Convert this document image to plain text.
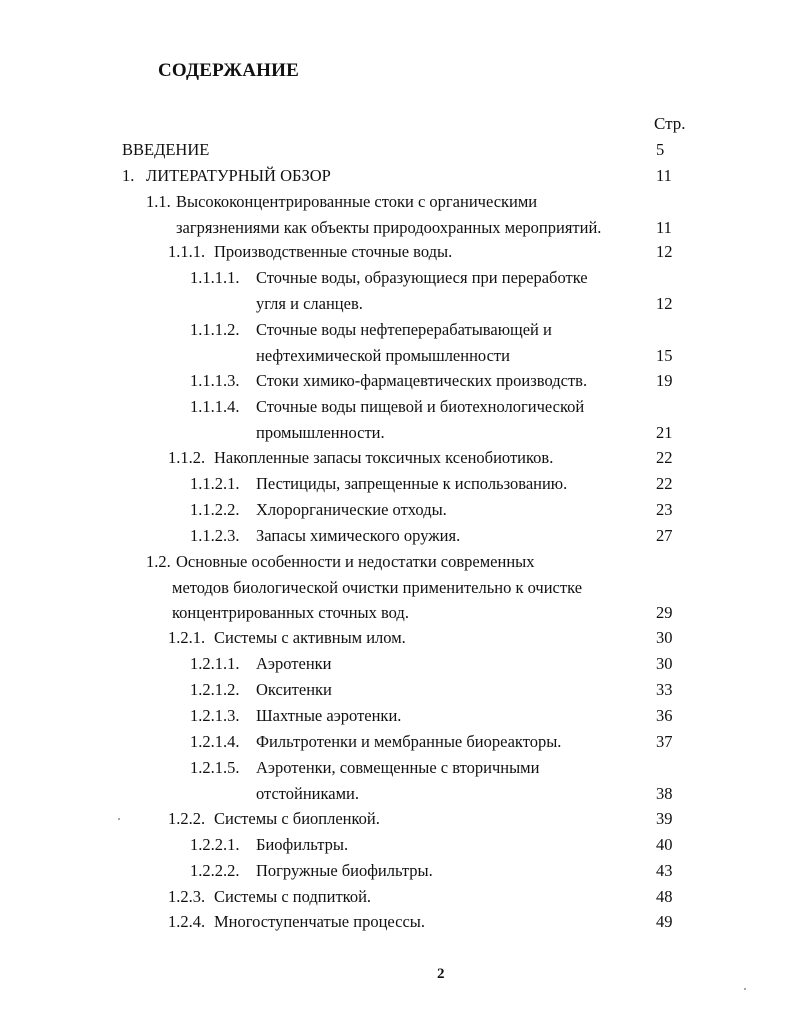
СОДЕРЖАНИЕ
Стр.
ВВЕДЕНИЕ	5
1. ЛИТЕРАТУРНЫЙ ОБЗОР	11
1.1. Высококонцентрированные стоки с органическими
загрязнениями как объекты природоохранных мероприятий.	11
1.1.1. Производственные сточные воды.	12
1.1.1.1. Сточные воды, образующиеся при переработке
угля и сланцев.	12
1.1.1.2. Сточные воды нефтеперерабатывающей и
нефтехимической промышленности	15
1.1.1.3. Стоки химико-фармацевтических производств.	19
1.1.1.4. Сточные воды пищевой и биотехнологической
промышленности.	21
1.1.2. Накопленные запасы токсичных ксенобиотиков.	22
1.1.2.1. Пестициды, запрещенные к использованию.	22
1.1.2.2. Хлорорганические отходы.	23
1.1.2.3. Запасы химического оружия.	27
1.2. Основные особенности и недостатки современных
методов биологической очистки применительно к очистке
концентрированных сточных вод.	29
1.2.1. Системы с активным илом.	30
1.2.1.1. Аэротенки	30
1.2.1.2. Окситенки	33
1.2.1.3. Шахтные аэротенки.	36
1.2.1.4. Фильтротенки и мембранные биореакторы.	37
1.2.1.5. Аэротенки, совмещенные с вторичными
отстойниками.	38
1.2.2. Системы с биопленкой.	39
1.2.2.1. Биофильтры.	40
1.2.2.2. Погружные биофильтры.	43
1.2.3. Системы с подпиткой.	48
1.2.4. Многоступенчатые процессы.	49
2
